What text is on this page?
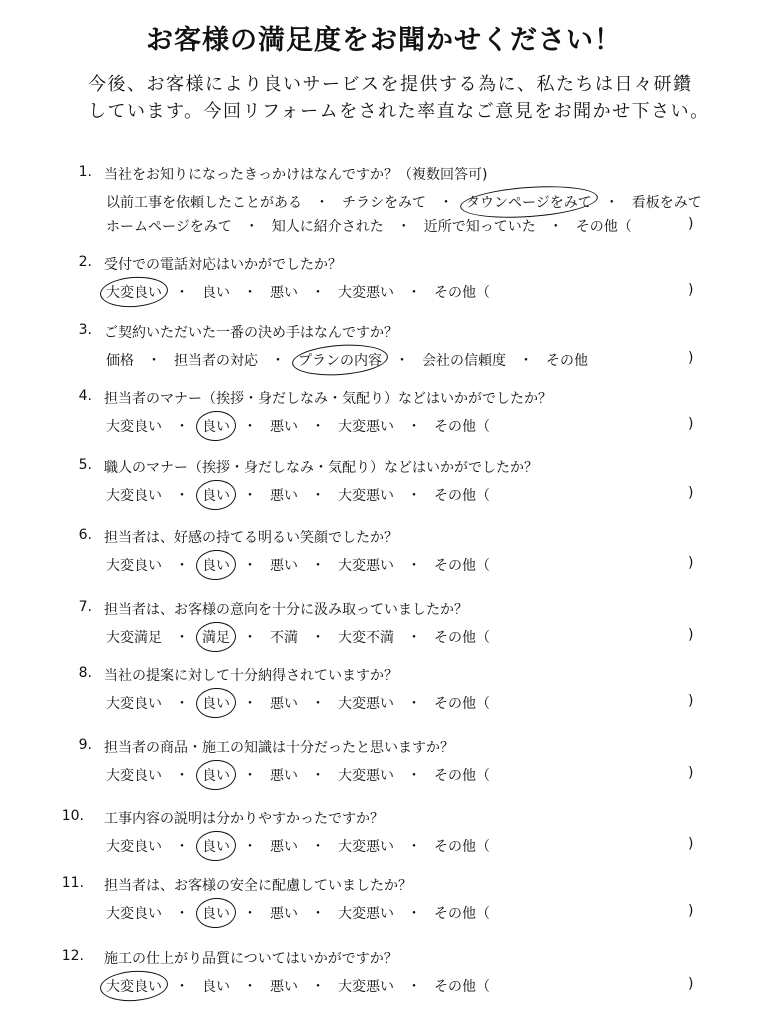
お客様の満足度をお聞かせください！
今後、お客様により良いサービスを提供する為に、私たちは日々研鑽
しています。今回リフォームをされた率直なご意見をお聞かせ下さい。
1. 当社をお知りになったきっかけはなんですか？（複数回答可)
以前工事を依頼したことがある ・ チラシをみて ・ タウンページをみて ・ 看板をみて
ホームページをみて ・ 知人に紹介された ・ 近所で知っていた ・ その他（	)
2. 受付での電話対応はいかがでしたか？
大変良い ・ 良い ・ 悪い ・ 大変悪い ・ その他（	)
3. ご契約いただいた一番の決め手はなんですか？
価格 ・ 担当者の対応 ・ プランの内容 ・ 会社の信頼度 ・ その他	)
4. 担当者のマナー（挨拶・身だしなみ・気配り）などはいかがでしたか？
大変良い ・ 良い ・ 悪い ・ 大変悪い ・ その他（	)
5. 職人のマナー（挨拶・身だしなみ・気配り）などはいかがでしたか？
大変良い ・ 良い ・ 悪い ・ 大変悪い ・ その他（	)
6. 担当者は、好感の持てる明るい笑顔でしたか？
大変良い ・ 良い ・ 悪い ・ 大変悪い ・ その他（	)
7. 担当者は、お客様の意向を十分に汲み取っていましたか？
大変満足 ・ 満足 ・ 不満 ・ 大変不満 ・ その他（	)
8. 当社の提案に対して十分納得されていますか？
大変良い ・ 良い ・ 悪い ・ 大変悪い ・ その他（	)
9. 担当者の商品・施工の知識は十分だったと思いますか？
大変良い ・ 良い ・ 悪い ・ 大変悪い ・ その他（	)
10. 工事内容の説明は分かりやすかったですか？
大変良い ・ 良い ・ 悪い ・ 大変悪い ・ その他（	)
11. 担当者は、お客様の安全に配慮していましたか？
大変良い ・ 良い ・ 悪い ・ 大変悪い ・ その他（	)
12. 施工の仕上がり品質についてはいかがですか？
大変良い ・ 良い ・ 悪い ・ 大変悪い ・ その他（	)
